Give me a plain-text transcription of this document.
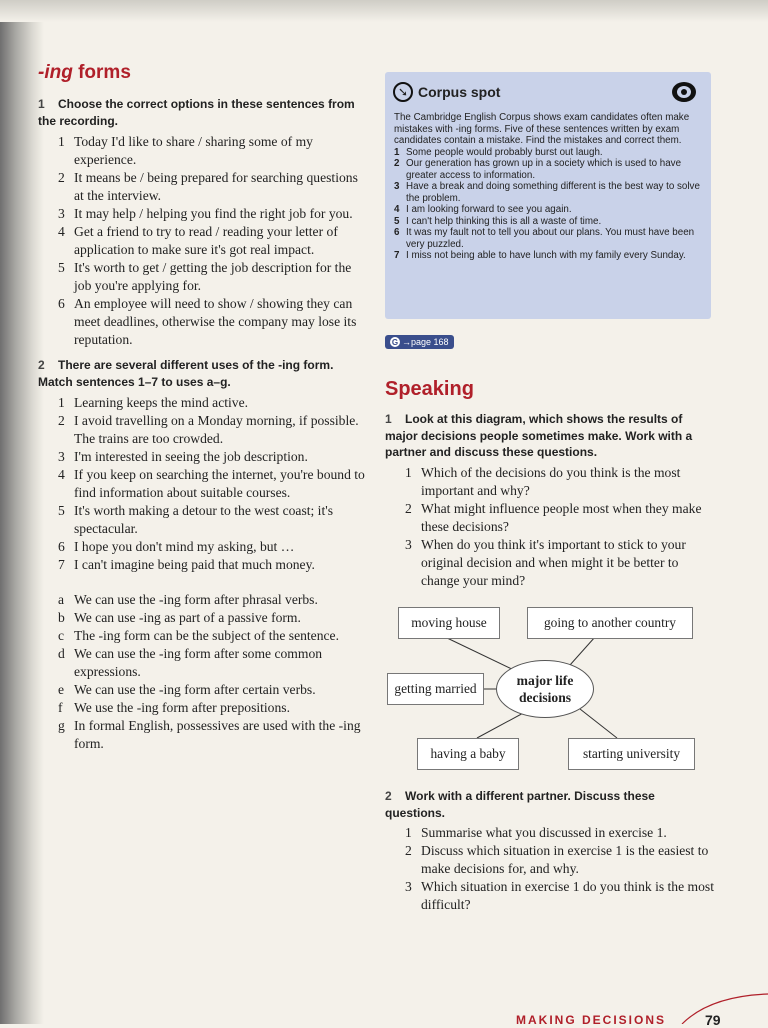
-ing forms
1 Choose the correct options in these sentences from the recording.
1 Today I'd like to share / sharing some of my experience.
2 It means be / being prepared for searching questions at the interview.
3 It may help / helping you find the right job for you.
4 Get a friend to try to read / reading your letter of application to make sure it's got real impact.
5 It's worth to get / getting the job description for the job you're applying for.
6 An employee will need to show / showing they can meet deadlines, otherwise the company may lose its reputation.
2 There are several different uses of the -ing form. Match sentences 1–7 to uses a–g.
1 Learning keeps the mind active.
2 I avoid travelling on a Monday morning, if possible. The trains are too crowded.
3 I'm interested in seeing the job description.
4 If you keep on searching the internet, you're bound to find information about suitable courses.
5 It's worth making a detour to the west coast; it's spectacular.
6 I hope you don't mind my asking, but …
7 I can't imagine being paid that much money.
a We can use the -ing form after phrasal verbs.
b We can use -ing as part of a passive form.
c The -ing form can be the subject of the sentence.
d We can use the -ing form after some common expressions.
e We can use the -ing form after certain verbs.
f We use the -ing form after prepositions.
g In formal English, possessives are used with the -ing form.
➘ Corpus spot
The Cambridge English Corpus shows exam candidates often make mistakes with -ing forms. Five of these sentences written by exam candidates contain a mistake. Find the mistakes and correct them.
1 Some people would probably burst out laugh.
2 Our generation has grown up in a society which is used to have greater access to information.
3 Have a break and doing something different is the best way to solve the problem.
4 I am looking forward to see you again.
5 I can't help thinking this is all a waste of time.
6 It was my fault not to tell you about our plans. You must have been very puzzled.
7 I miss not being able to have lunch with my family every Sunday.
G → page 168
Speaking
1 Look at this diagram, which shows the results of major decisions people sometimes make. Work with a partner and discuss these questions.
1 Which of the decisions do you think is the most important and why?
2 What might influence people most when they make these decisions?
3 When do you think it's important to stick to your original decision and when might it be better to change your mind?
moving house	going to another country
getting married
major life
decisions
having a baby	starting university
2 Work with a different partner. Discuss these questions.
1 Summarise what you discussed in exercise 1.
2 Discuss which situation in exercise 1 is the easiest to make decisions for, and why.
3 Which situation in exercise 1 do you think is the most difficult?
MAKING DECISIONS	79
